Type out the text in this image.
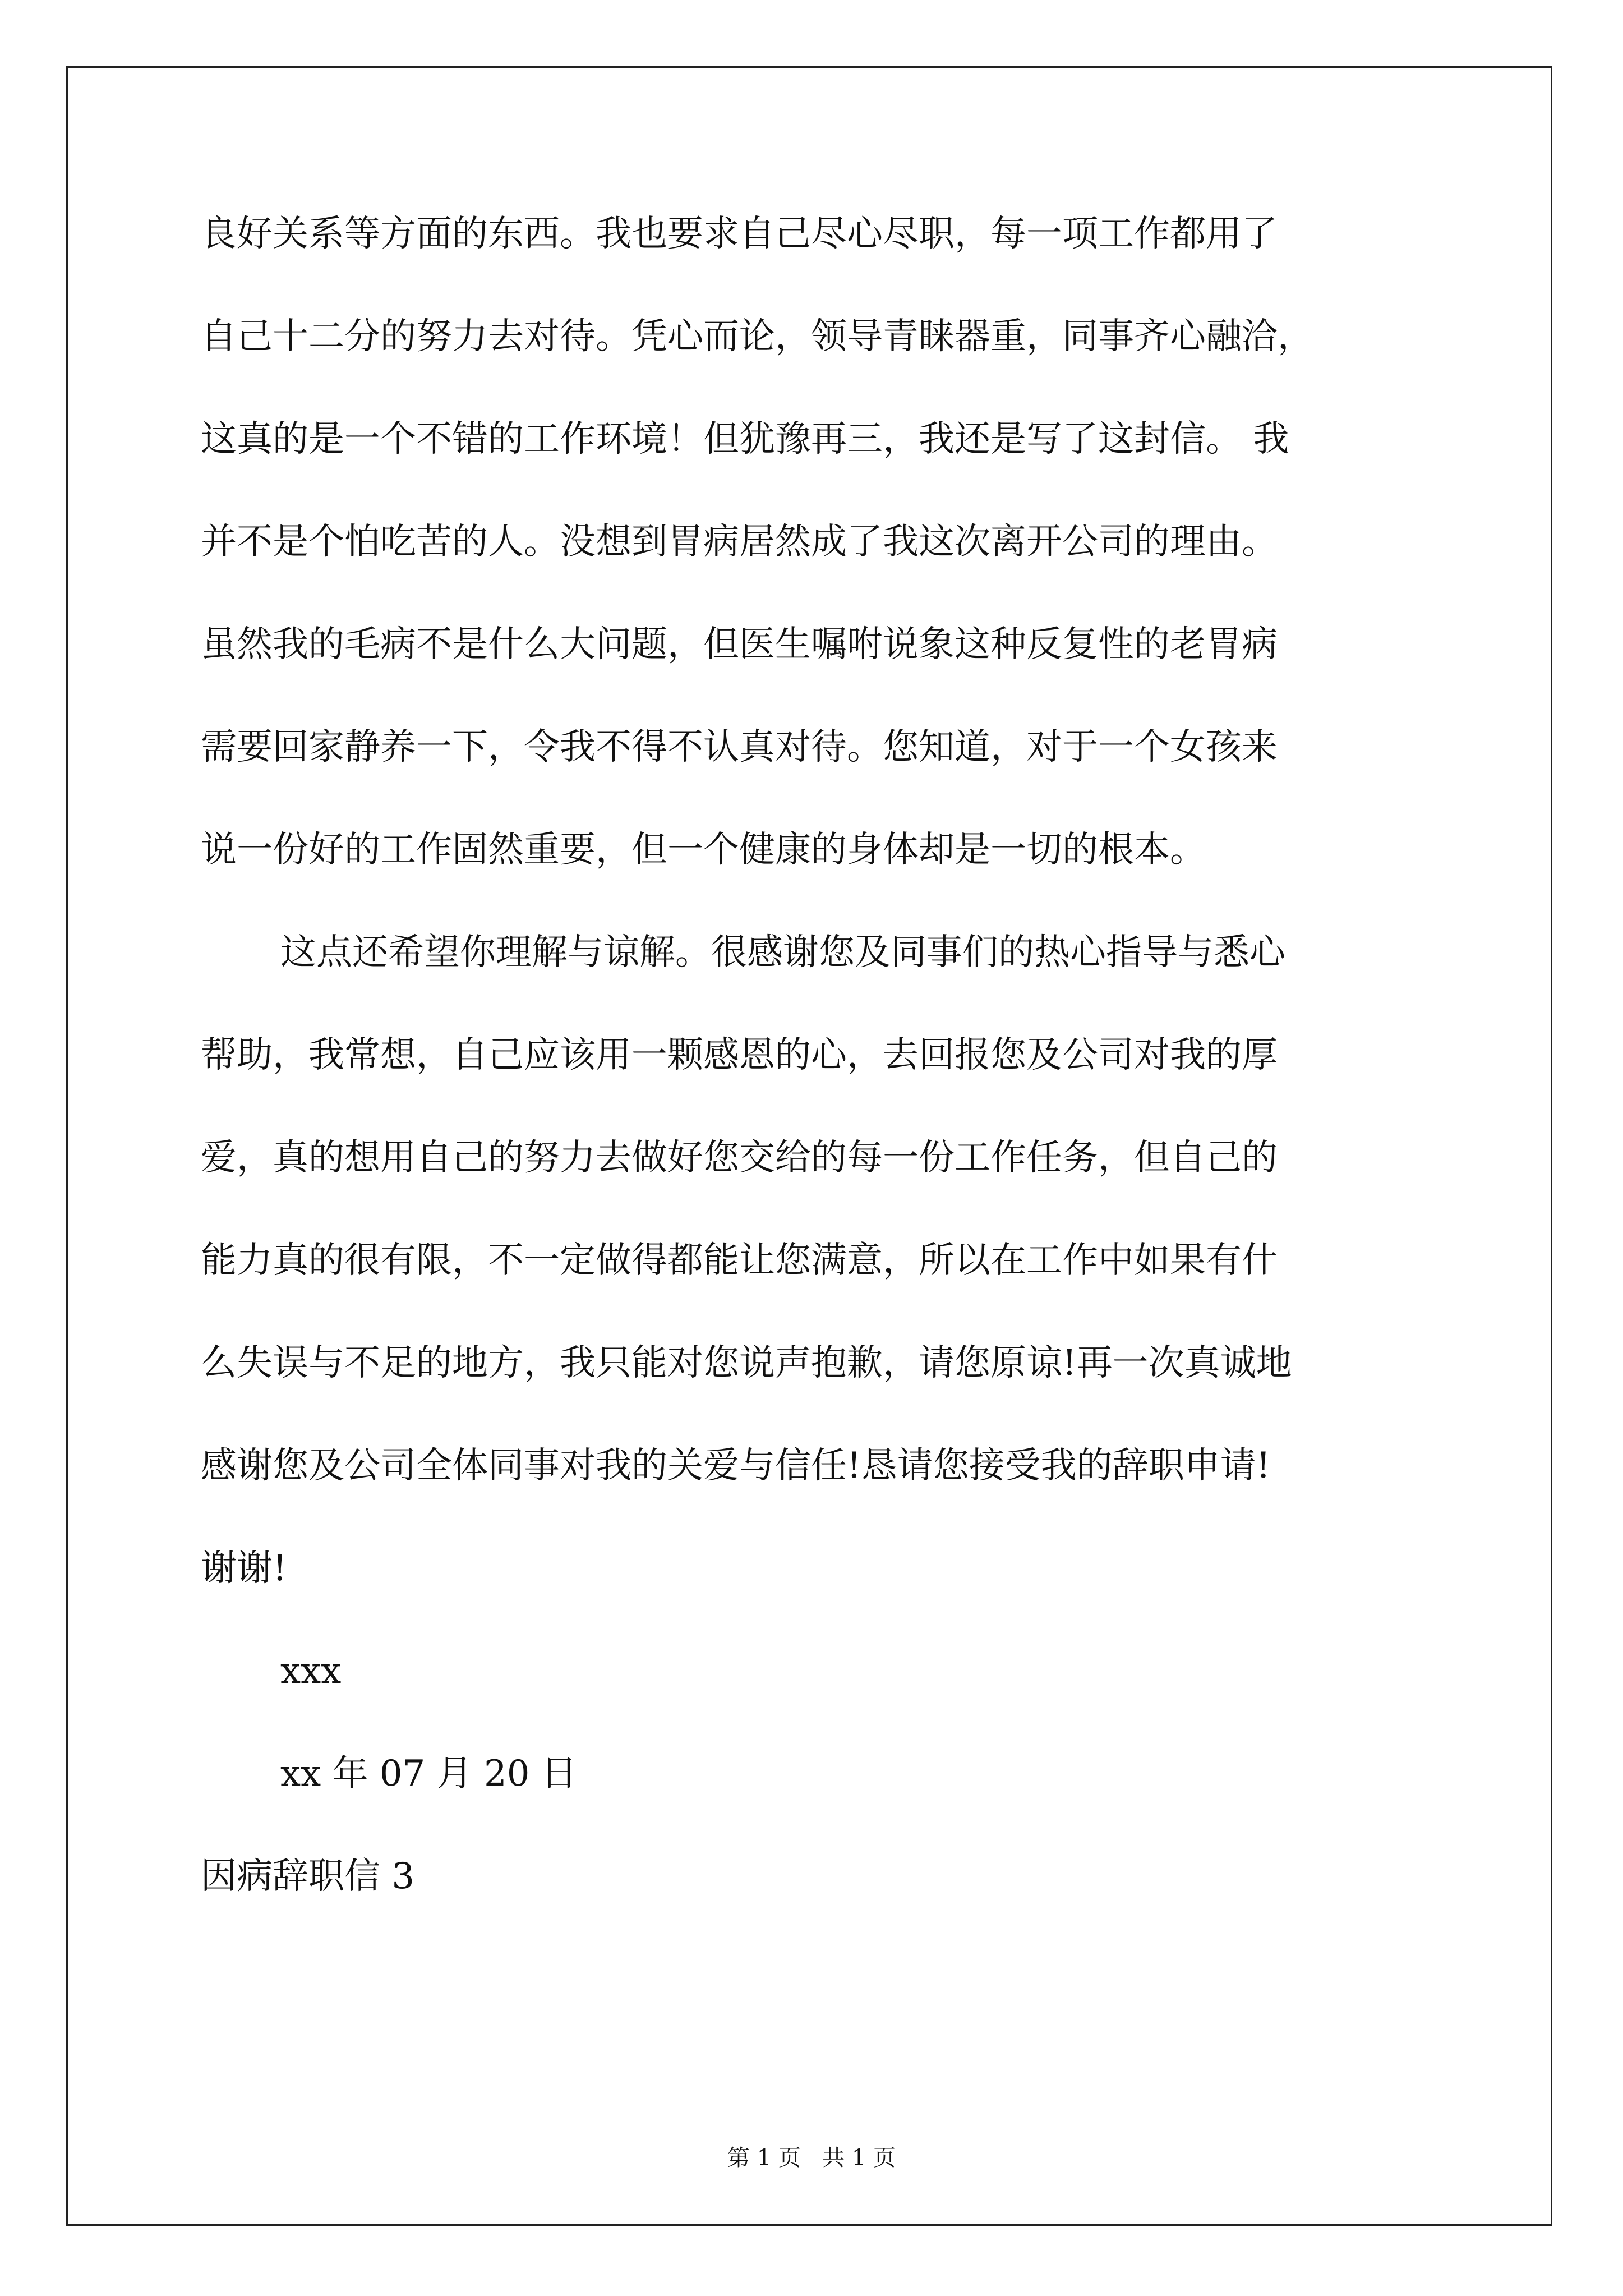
良好关系等方面的东西。我也要求自己尽心尽职，每一项工作都用了
自己十二分的努力去对待。凭心而论，领导青睐器重，同事齐心融洽，
这真的是一个不错的工作环境！但犹豫再三，我还是写了这封信。 我
并不是个怕吃苦的人。没想到胃病居然成了我这次离开公司的理由。
虽然我的毛病不是什么大问题，但医生嘱咐说象这种反复性的老胃病
需要回家静养一下，令我不得不认真对待。您知道，对于一个女孩来
说一份好的工作固然重要，但一个健康的身体却是一切的根本。
这点还希望你理解与谅解。很感谢您及同事们的热心指导与悉心
帮助，我常想，自己应该用一颗感恩的心，去回报您及公司对我的厚
爱，真的想用自己的努力去做好您交给的每一份工作任务，但自己的
能力真的很有限，不一定做得都能让您满意，所以在工作中如果有什
么失误与不足的地方，我只能对您说声抱歉，请您原谅!再一次真诚地
感谢您及公司全体同事对我的关爱与信任!恳请您接受我的辞职申请!
谢谢!
xxx
xx 年 07 月 20 日
因病辞职信 3
第 1 页   共 1 页
